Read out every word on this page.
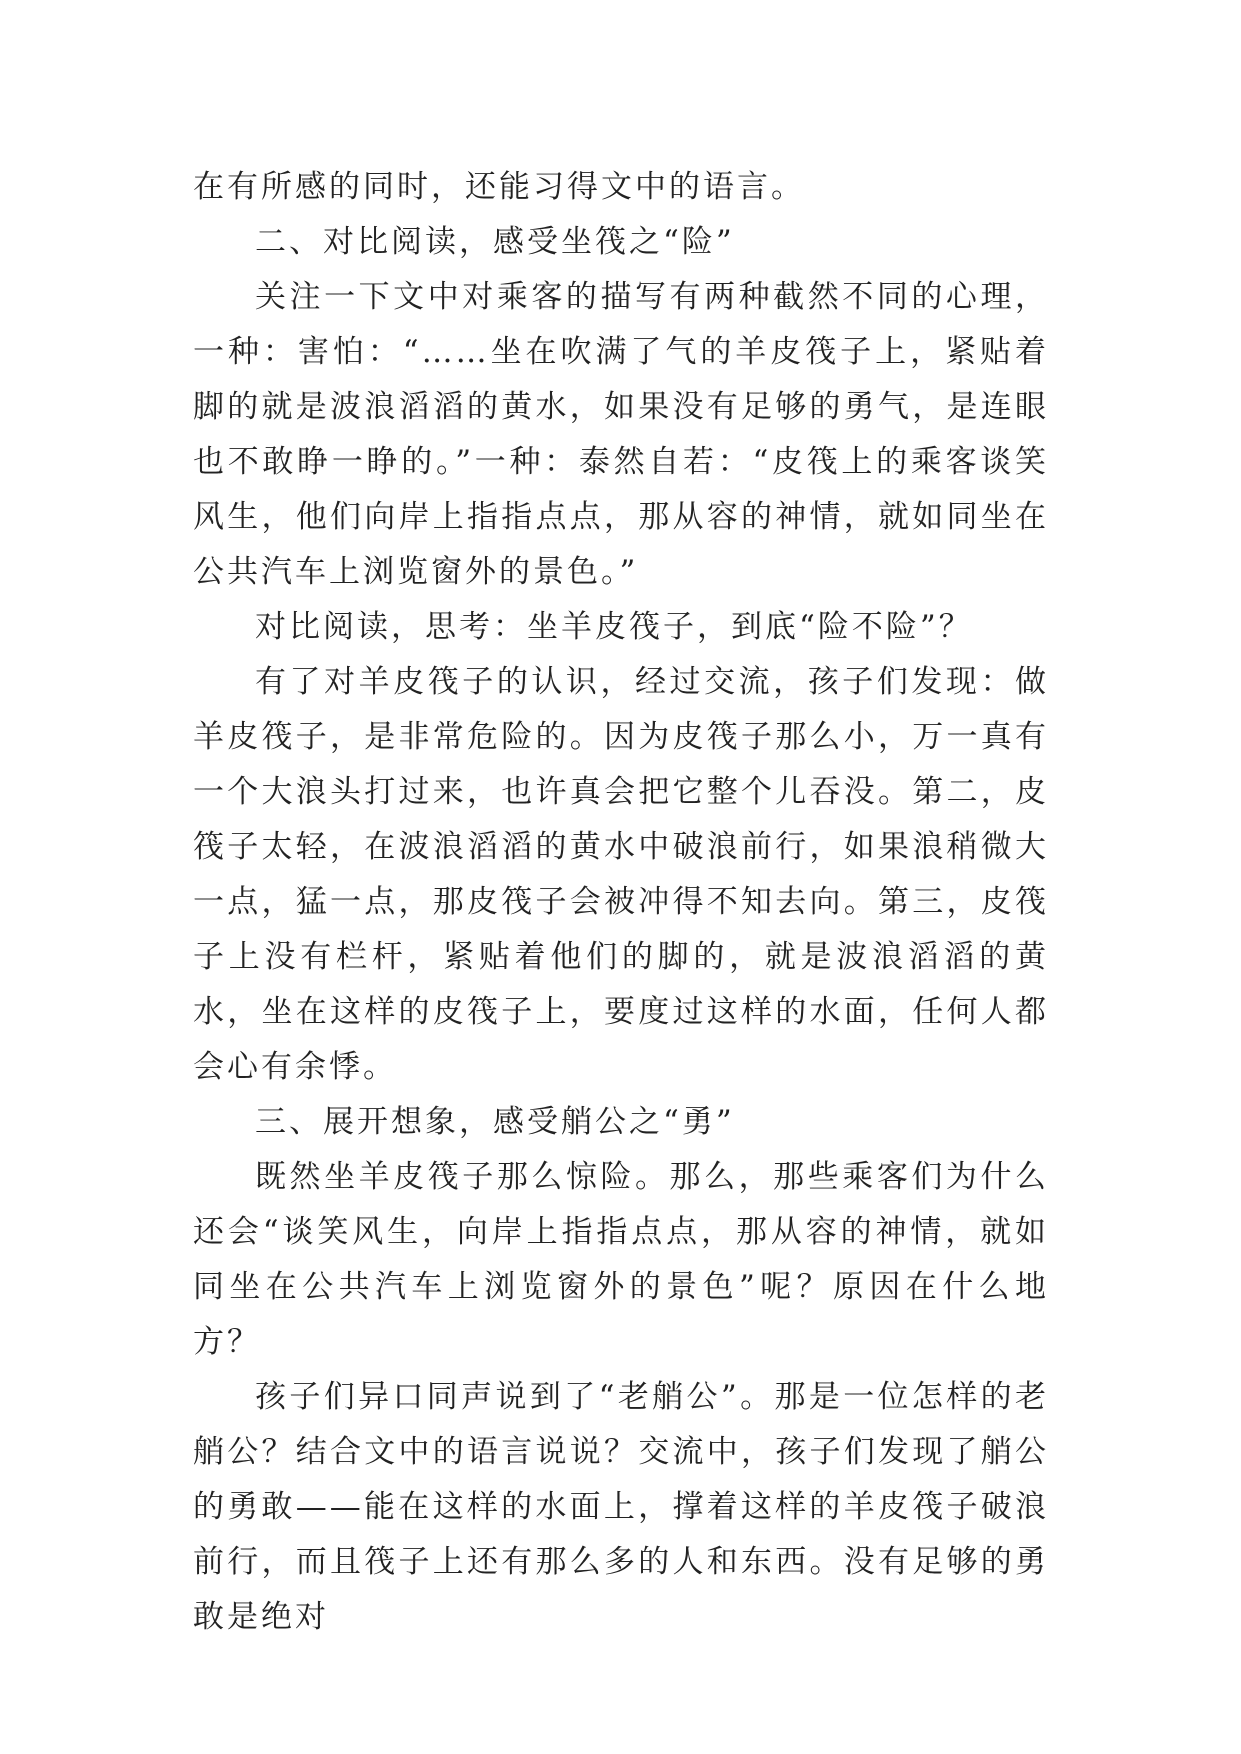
在有所感的同时，还能习得文中的语言。

二、对比阅读，感受坐筏之“险”

关注一下文中对乘客的描写有两种截然不同的心理，一种：害怕：“……坐在吹满了气的羊皮筏子上，紧贴着脚的就是波浪滔滔的黄水，如果没有足够的勇气，是连眼也不敢睁一睁的。”一种：泰然自若：“皮筏上的乘客谈笑风生，他们向岸上指指点点，那从容的神情，就如同坐在公共汽车上浏览窗外的景色。”

对比阅读，思考：坐羊皮筏子，到底“险不险”？

有了对羊皮筏子的认识，经过交流，孩子们发现：做羊皮筏子，是非常危险的。因为皮筏子那么小，万一真有一个大浪头打过来，也许真会把它整个儿吞没。第二，皮筏子太轻，在波浪滔滔的黄水中破浪前行，如果浪稍微大一点，猛一点，那皮筏子会被冲得不知去向。第三，皮筏子上没有栏杆，紧贴着他们的脚的，就是波浪滔滔的黄水，坐在这样的皮筏子上，要度过这样的水面，任何人都会心有余悸。

三、展开想象，感受艄公之“勇”

既然坐羊皮筏子那么惊险。那么，那些乘客们为什么还会“谈笑风生，向岸上指指点点，那从容的神情，就如同坐在公共汽车上浏览窗外的景色”呢？原因在什么地方？

孩子们异口同声说到了“老艄公”。那是一位怎样的老艄公？结合文中的语言说说？交流中，孩子们发现了艄公的勇敢——能在这样的水面上，撑着这样的羊皮筏子破浪前行，而且筏子上还有那么多的人和东西。没有足够的勇敢是绝对
